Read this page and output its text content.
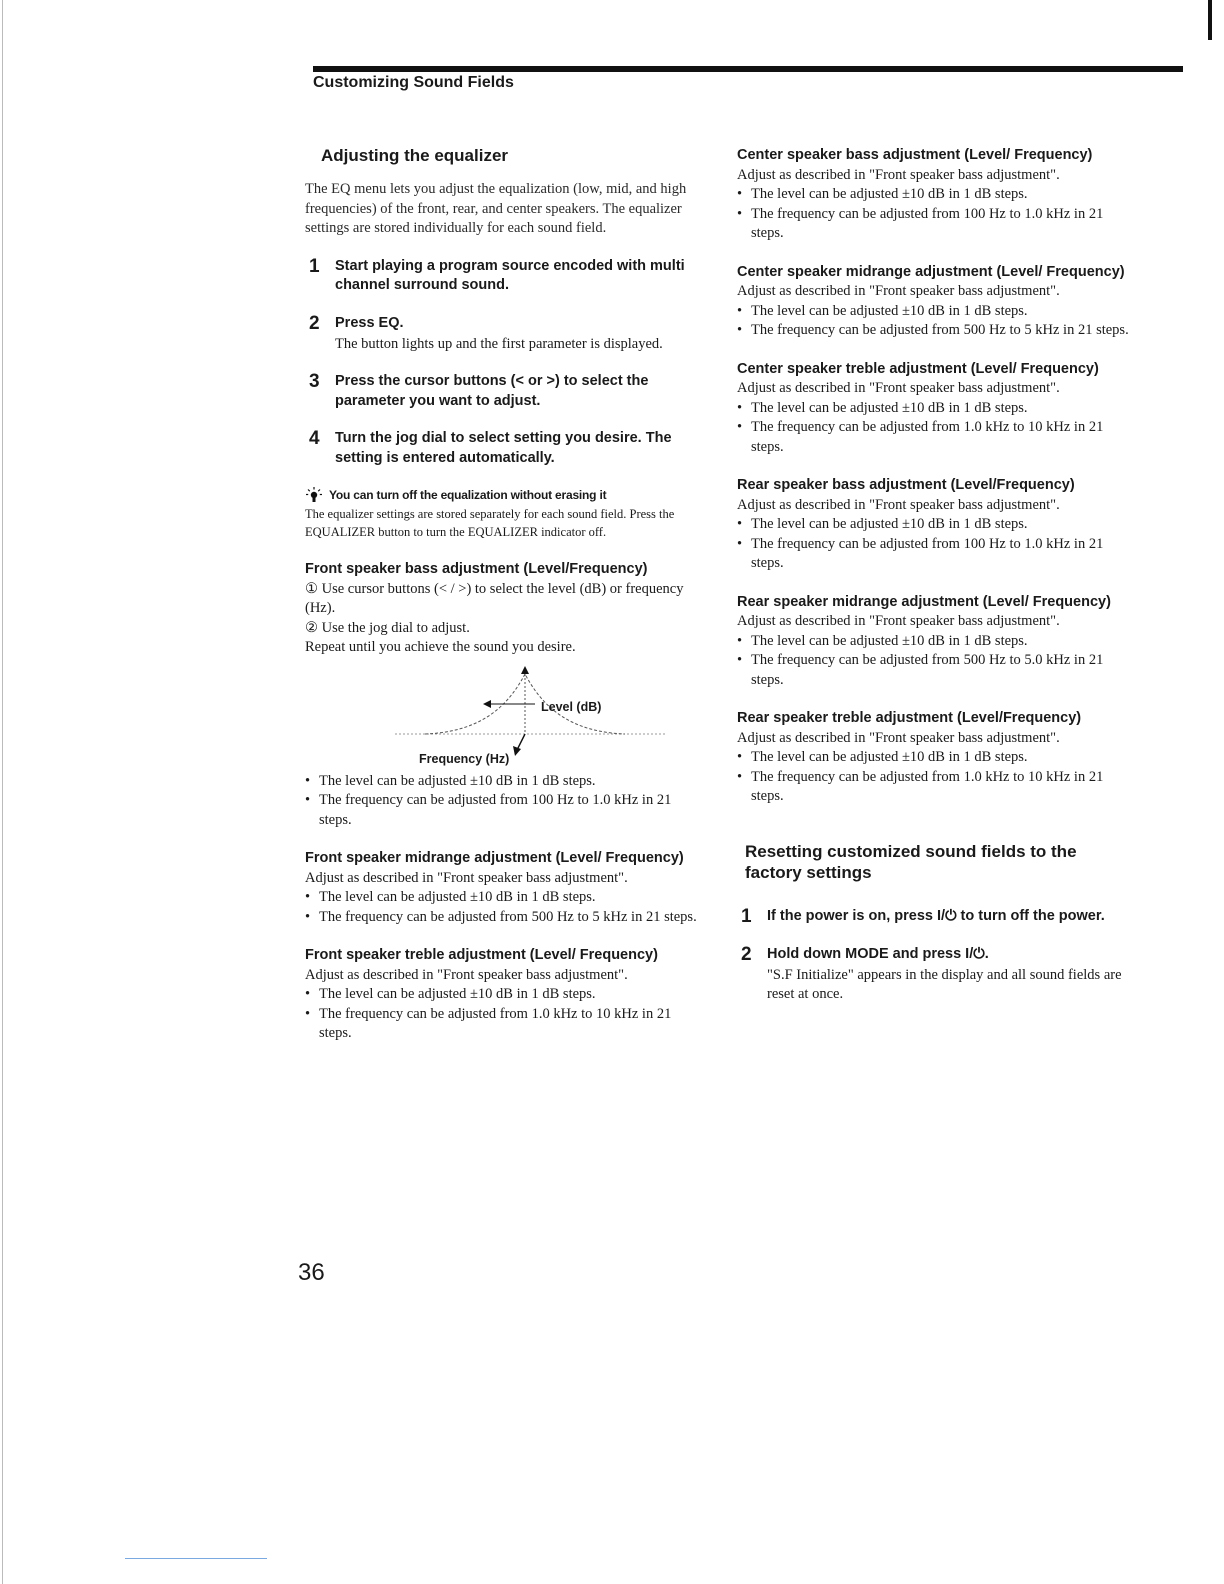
Customizing Sound Fields
Adjusting the equalizer

The EQ menu lets you adjust the equalization (low, mid, and high frequencies) of the front, rear, and center speakers. The equalizer settings are stored individually for each sound field.

1	Start playing a program source encoded with multi channel surround sound.
2	Press EQ.
The button lights up and the first parameter is displayed.
3	Press the cursor buttons (< or >) to select the parameter you want to adjust.
4	Turn the jog dial to select setting you desire. The setting is entered automatically.
You can turn off the equalization without erasing it
The equalizer settings are stored separately for each sound field. Press the EQUALIZER button to turn the EQUALIZER indicator off.
Front speaker bass adjustment (Level/Frequency)

① Use cursor buttons (< / >) to select the level (dB) or frequency (Hz).

② Use the jog dial to adjust.

Repeat until you achieve the sound you desire.

Level (dB)
Frequency (Hz)
• The level can be adjusted ±10 dB in 1 dB steps.
• The frequency can be adjusted from 100 Hz to 1.0 kHz in 21 steps.
Front speaker midrange adjustment (Level/ Frequency)

Adjust as described in "Front speaker bass adjustment".

• The level can be adjusted ±10 dB in 1 dB steps.
• The frequency can be adjusted from 500 Hz to 5 kHz in 21 steps.
Front speaker treble adjustment (Level/ Frequency)

Adjust as described in "Front speaker bass adjustment".

• The level can be adjusted ±10 dB in 1 dB steps.
• The frequency can be adjusted from 1.0 kHz to 10 kHz in 21 steps.
Center speaker bass adjustment (Level/ Frequency)

Adjust as described in "Front speaker bass adjustment".

• The level can be adjusted ±10 dB in 1 dB steps.
• The frequency can be adjusted from 100 Hz to 1.0 kHz in 21 steps.
Center speaker midrange adjustment (Level/ Frequency)

Adjust as described in "Front speaker bass adjustment".

• The level can be adjusted ±10 dB in 1 dB steps.
• The frequency can be adjusted from 500 Hz to 5 kHz in 21 steps.
Center speaker treble adjustment (Level/ Frequency)

Adjust as described in "Front speaker bass adjustment".

• The level can be adjusted ±10 dB in 1 dB steps.
• The frequency can be adjusted from 1.0 kHz to 10 kHz in 21 steps.
Rear speaker bass adjustment (Level/Frequency)

Adjust as described in "Front speaker bass adjustment".

• The level can be adjusted ±10 dB in 1 dB steps.
• The frequency can be adjusted from 100 Hz to 1.0 kHz in 21 steps.
Rear speaker midrange adjustment (Level/ Frequency)

Adjust as described in "Front speaker bass adjustment".

• The level can be adjusted ±10 dB in 1 dB steps.
• The frequency can be adjusted from 500 Hz to 5.0 kHz in 21 steps.
Rear speaker treble adjustment (Level/Frequency)

Adjust as described in "Front speaker bass adjustment".

• The level can be adjusted ±10 dB in 1 dB steps.
• The frequency can be adjusted from 1.0 kHz to 10 kHz in 21 steps.
Resetting customized sound fields to the factory settings
1	If the power is on, press I/⏻ to turn off the power.
2	Hold down MODE and press I/⏻.
"S.F Initialize" appears in the display and all sound fields are reset at once.
36
